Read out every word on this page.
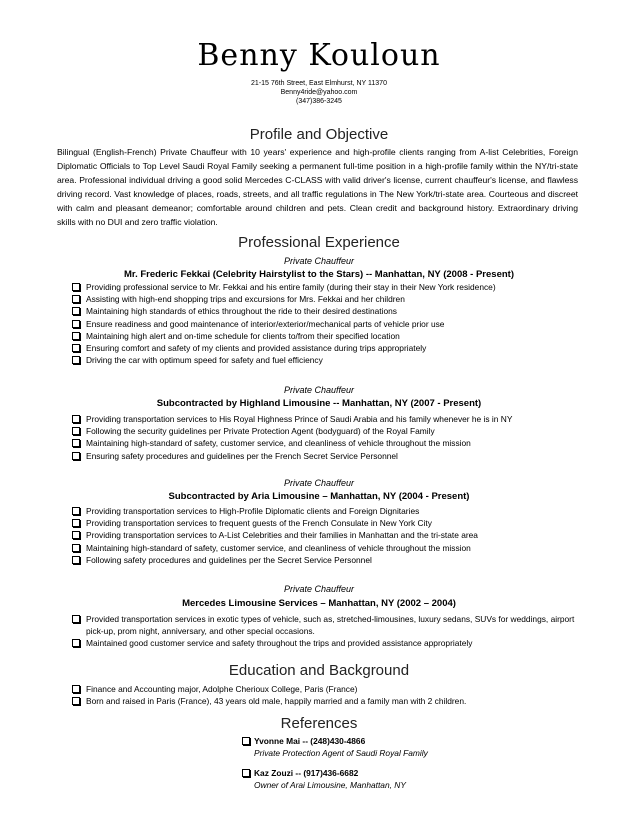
Benny Kouloun
21-15 76th Street, East Elmhurst, NY 11370
Benny4ride@yahoo.com
(347)386-3245
Profile and Objective
Bilingual (English-French) Private Chauffeur with 10 years' experience and high-profile clients ranging from A-list Celebrities, Foreign Diplomatic Officials to Top Level Saudi Royal Family seeking a permanent full-time position in a high-profile family within the NY/tri-state area. Professional individual driving a good solid Mercedes C-CLASS with valid driver's license, current chauffeur's license, and flawless driving record. Vast knowledge of places, roads, streets, and all traffic regulations in The New York/tri-state area. Courteous and discreet with calm and pleasant demeanor; comfortable around children and pets. Clean credit and background history. Extraordinary driving skills with no DUI and zero traffic violation.
Professional Experience
Private Chauffeur
Mr. Frederic Fekkai (Celebrity Hairstylist to the Stars) -- Manhattan, NY (2008 - Present)
Providing professional service to Mr. Fekkai and his entire family (during their stay in their New York residence)
Assisting with high-end shopping trips and excursions for Mrs. Fekkai and her children
Maintaining high standards of ethics throughout the ride to their desired destinations
Ensure readiness and good maintenance of interior/exterior/mechanical parts of vehicle prior use
Maintaining high alert and on-time schedule for clients to/from their specified location
Ensuring comfort and safety of my clients and provided assistance during trips appropriately
Driving the car with optimum speed for safety and fuel efficiency
Private Chauffeur
Subcontracted by Highland Limousine -- Manhattan, NY (2007 - Present)
Providing transportation services to His Royal Highness Prince of Saudi Arabia and his family whenever he is in NY
Following the security guidelines per Private Protection Agent (bodyguard) of the Royal Family
Maintaining high-standard of safety, customer service, and cleanliness of vehicle throughout the mission
Ensuring safety procedures and guidelines per the French Secret Service Personnel
Private Chauffeur
Subcontracted by Aria Limousine – Manhattan, NY (2004 - Present)
Providing transportation services to High-Profile Diplomatic clients and Foreign Dignitaries
Providing transportation services to frequent guests of the French Consulate in New York City
Providing transportation services to A-List Celebrities and their families in Manhattan and the tri-state area
Maintaining high-standard of safety, customer service, and cleanliness of vehicle throughout the mission
Following safety procedures and guidelines per the Secret Service Personnel
Private Chauffeur
Mercedes Limousine Services – Manhattan, NY (2002 – 2004)
Provided transportation services in exotic types of vehicle, such as, stretched-limousines, luxury sedans, SUVs for weddings, airport pick-up, prom night, anniversary, and other special occasions.
Maintained good customer service and safety throughout the trips and provided assistance appropriately
Education and Background
Finance and Accounting major, Adolphe Cherioux College, Paris (France)
Born and raised in Paris (France), 43 years old male, happily married and a family man with 2 children.
References
Yvonne Mai -- (248)430-4866
Private Protection Agent of Saudi Royal Family
Kaz Zouzi -- (917)436-6682
Owner of Arai Limousine, Manhattan, NY
